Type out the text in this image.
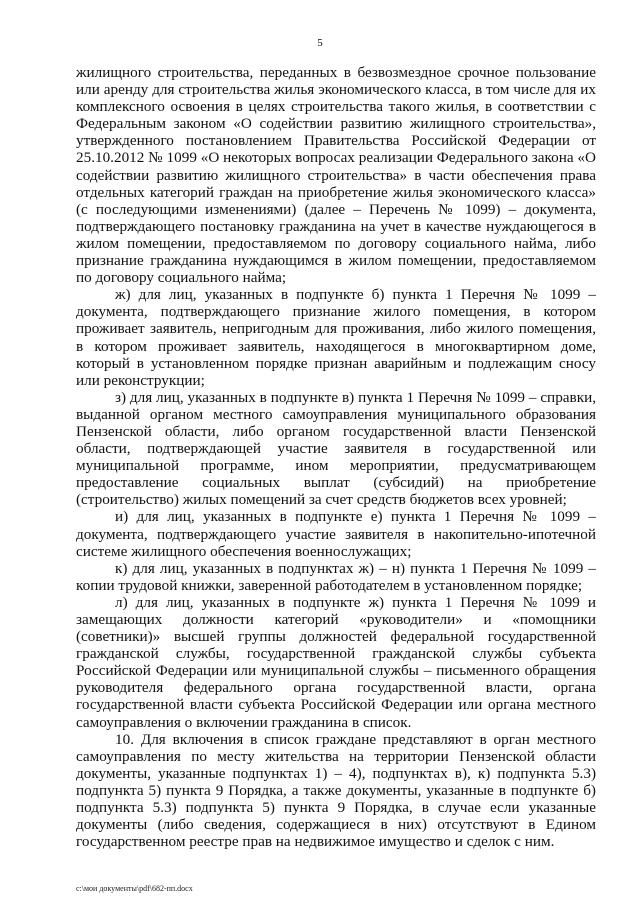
5

жилищного строительства, переданных в безвозмездное срочное пользование или аренду для строительства жилья экономического класса, в том числе для их комплексного освоения в целях строительства такого жилья, в соответствии с Федеральным законом «О содействии развитию жилищного строительства», утвержденного постановлением Правительства Российской Федерации от 25.10.2012 № 1099 «О некоторых вопросах реализации Федерального закона «О содействии развитию жилищного строительства» в части обеспечения права отдельных категорий граждан на приобретение жилья экономического класса» (с последующими изменениями) (далее – Перечень № 1099) – документа, подтверждающего постановку гражданина на учет в качестве нуждающегося в жилом помещении, предоставляемом по договору социального найма, либо признание гражданина нуждающимся в жилом помещении, предоставляемом по договору социального найма;

ж) для лиц, указанных в подпункте б) пункта 1 Перечня № 1099 – документа, подтверждающего признание жилого помещения, в котором проживает заявитель, непригодным для проживания, либо жилого помещения, в котором проживает заявитель, находящегося в многоквартирном доме, который в установленном порядке признан аварийным и подлежащим сносу или реконструкции;

з) для лиц, указанных в подпункте в) пункта 1 Перечня № 1099 – справки, выданной органом местного самоуправления муниципального образования Пензенской области, либо органом государственной власти Пензенской области, подтверждающей участие заявителя в государственной или муниципальной программе, ином мероприятии, предусматривающем предоставление социальных выплат (субсидий) на приобретение (строительство) жилых помещений за счет средств бюджетов всех уровней;

и) для лиц, указанных в подпункте е) пункта 1 Перечня № 1099 – документа, подтверждающего участие заявителя в накопительно-ипотечной системе жилищного обеспечения военнослужащих;

к) для лиц, указанных в подпунктах ж) – н) пункта 1 Перечня № 1099 – копии трудовой книжки, заверенной работодателем в установленном порядке;

л) для лиц, указанных в подпункте ж) пункта 1 Перечня № 1099 и замещающих должности категорий «руководители» и «помощники (советники)» высшей группы должностей федеральной государственной гражданской службы, государственной гражданской службы субъекта Российской Федерации или муниципальной службы – письменного обращения руководителя федерального органа государственной власти, органа государственной власти субъекта Российской Федерации или органа местного самоуправления о включении гражданина в список.

10. Для включения в список граждане представляют в орган местного самоуправления по месту жительства на территории Пензенской области документы, указанные подпунктах 1) – 4), подпунктах в), к) подпункта 5.3) подпункта 5) пункта 9 Порядка, а также документы, указанные в подпункте б) подпункта 5.3) подпункта 5) пункта 9 Порядка, в случае если указанные документы (либо сведения, содержащиеся в них) отсутствуют в Едином государственном реестре прав на недвижимое имущество и сделок с ним.

c:\мои документы\pdf\682-пп.docx
